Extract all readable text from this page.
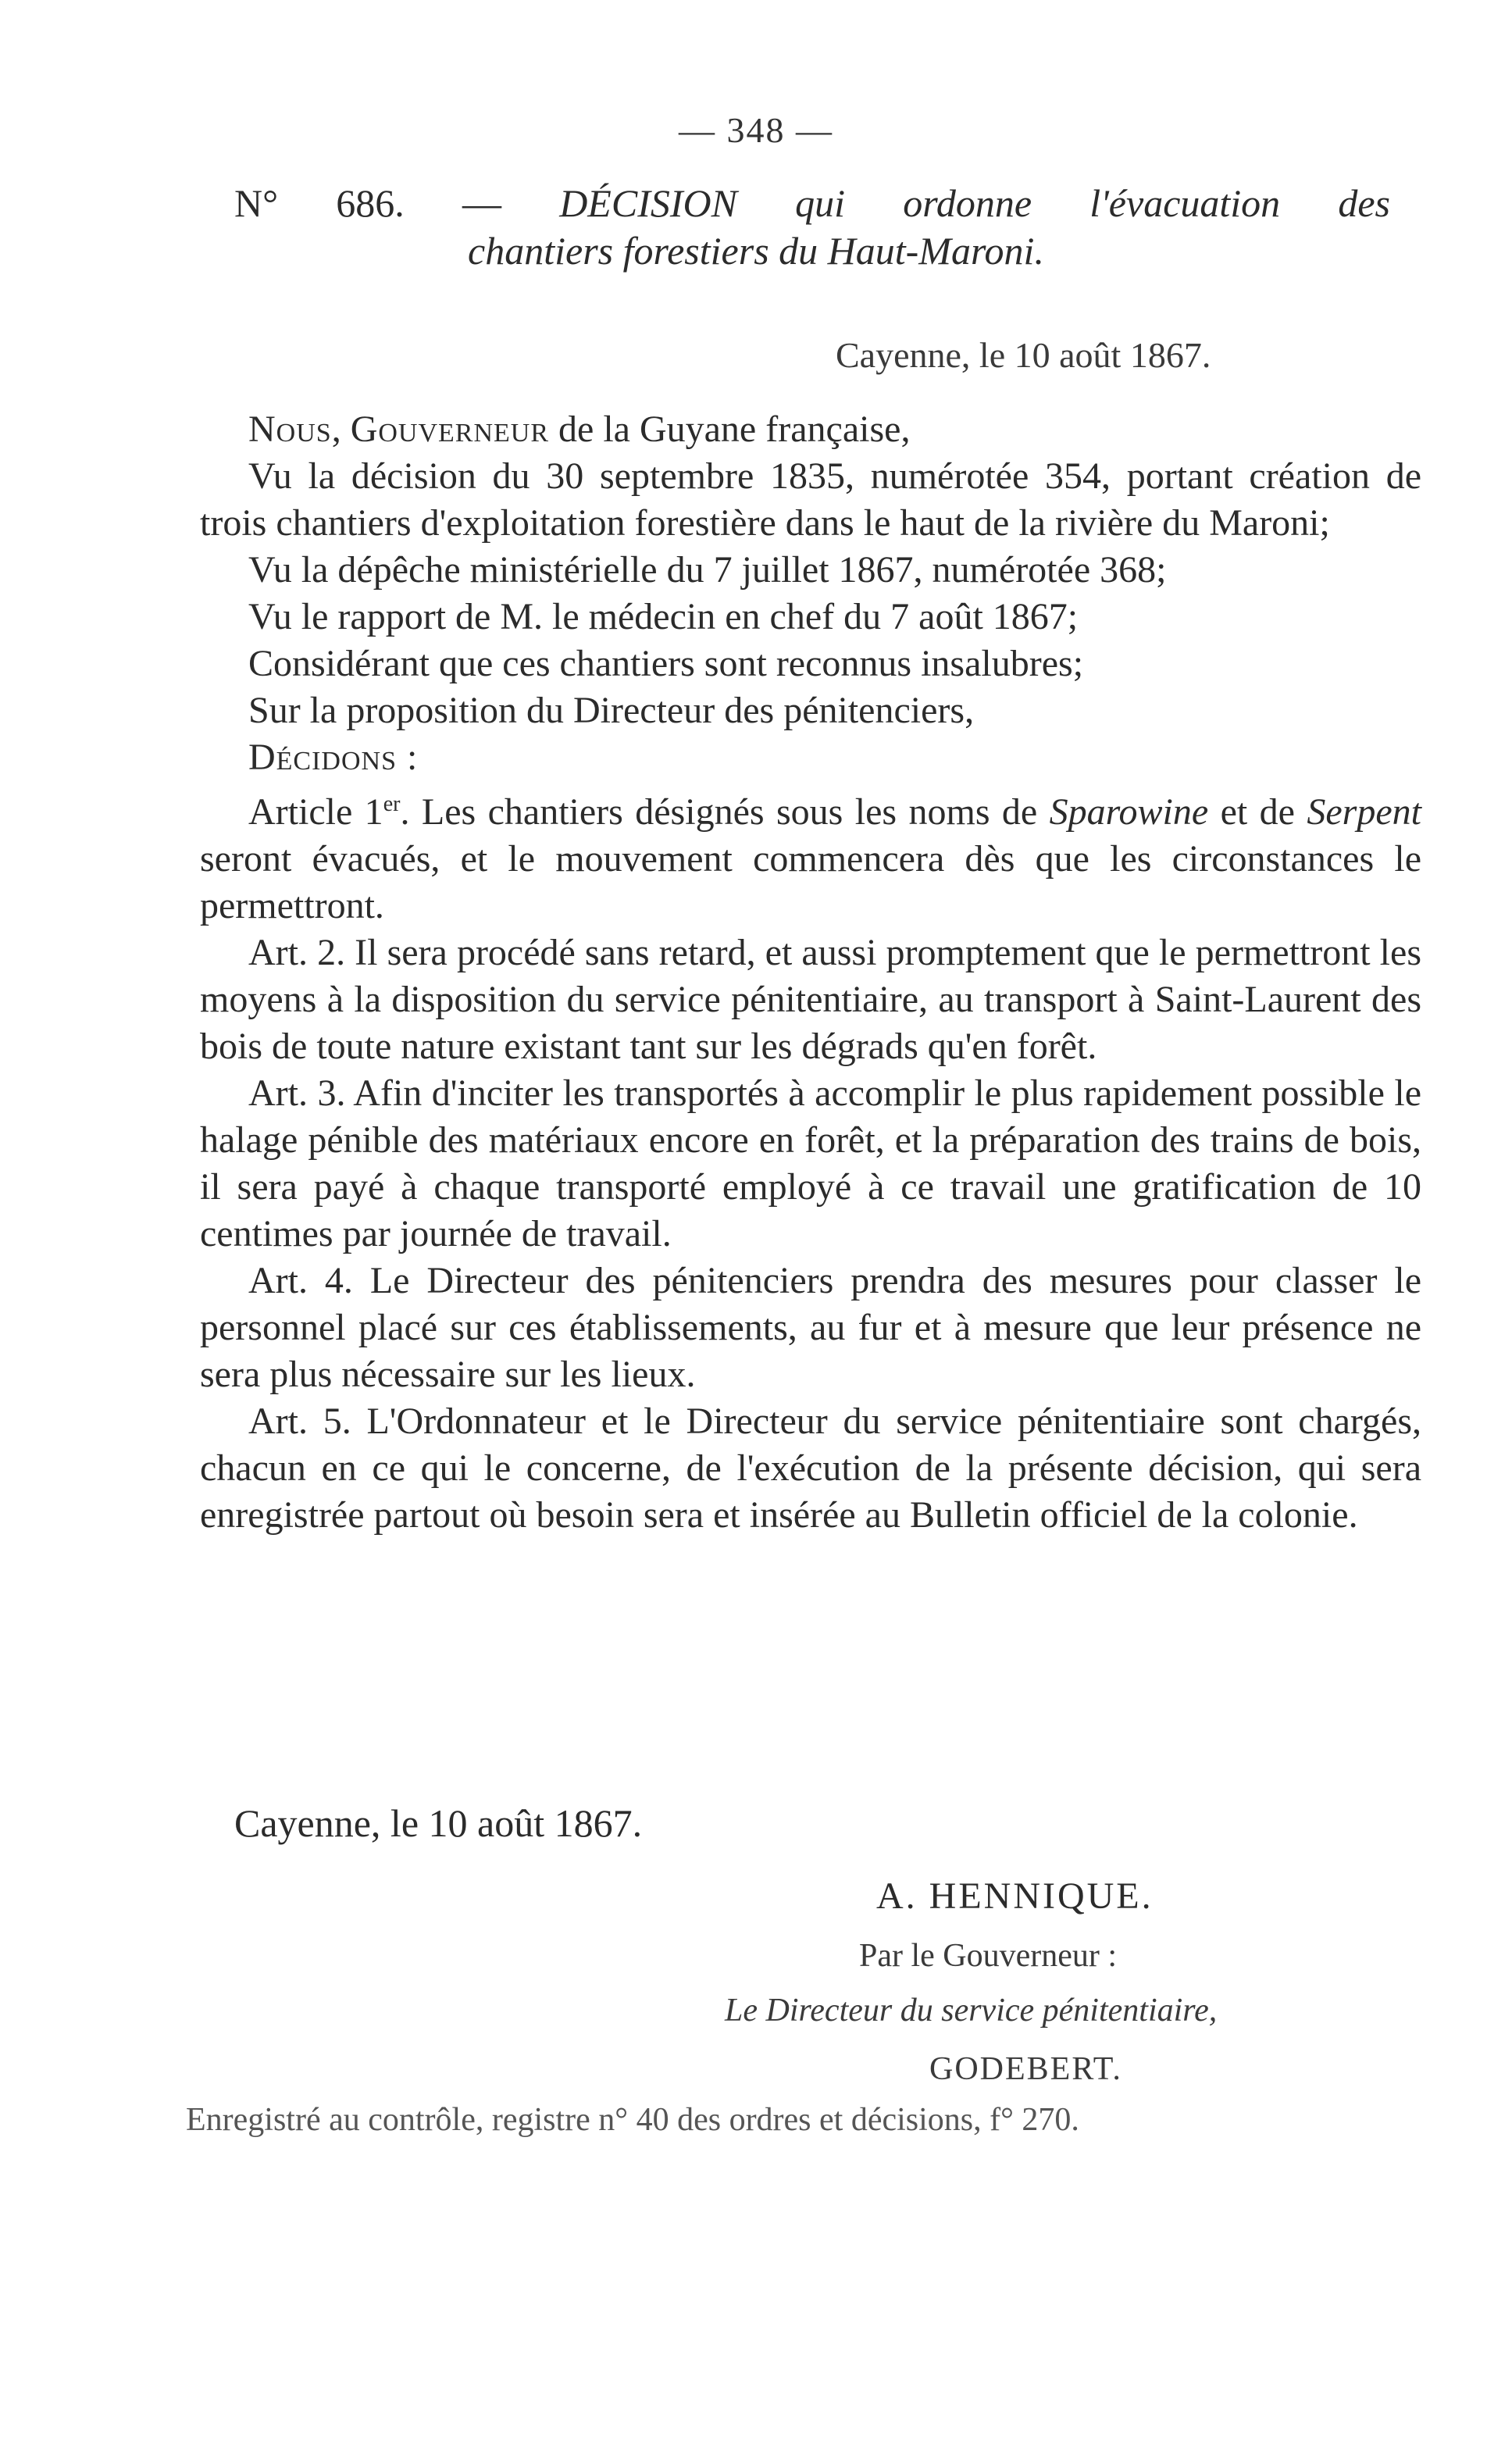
— 348 —
N° 686. — DÉCISION qui ordonne l'évacuation des
chantiers forestiers du Haut-Maroni.
Cayenne, le 10 août 1867.

Nous, Gouverneur de la Guyane française,

Vu la décision du 30 septembre 1835, numérotée 354, portant création de trois chantiers d'exploitation forestière dans le haut de la rivière du Maroni;

Vu la dépêche ministérielle du 7 juillet 1867, numérotée 368;

Vu le rapport de M. le médecin en chef du 7 août 1867;

Considérant que ces chantiers sont reconnus insalubres;

Sur la proposition du Directeur des pénitenciers,

Décidons :

Article 1er. Les chantiers désignés sous les noms de Sparowine et de Serpent seront évacués, et le mouvement commencera dès que les circonstances le permettront.

Art. 2. Il sera procédé sans retard, et aussi promptement que le permettront les moyens à la disposition du service pénitentiaire, au transport à Saint-Laurent des bois de toute nature existant tant sur les dégrads qu'en forêt.

Art. 3. Afin d'inciter les transportés à accomplir le plus rapidement possible le halage pénible des matériaux encore en forêt, et la préparation des trains de bois, il sera payé à chaque transporté employé à ce travail une gratification de 10 centimes par journée de travail.

Art. 4. Le Directeur des pénitenciers prendra des mesures pour classer le personnel placé sur ces établissements, au fur et à mesure que leur présence ne sera plus nécessaire sur les lieux.

Art. 5. L'Ordonnateur et le Directeur du service pénitentiaire sont chargés, chacun en ce qui le concerne, de l'exécution de la présente décision, qui sera enregistrée partout où besoin sera et insérée au Bulletin officiel de la colonie.

Cayenne, le 10 août 1867.
A. HENNIQUE.
Par le Gouverneur :
Le Directeur du service pénitentiaire,
GODEBERT.
Enregistré au contrôle, registre n° 40 des ordres et décisions, f° 270.
